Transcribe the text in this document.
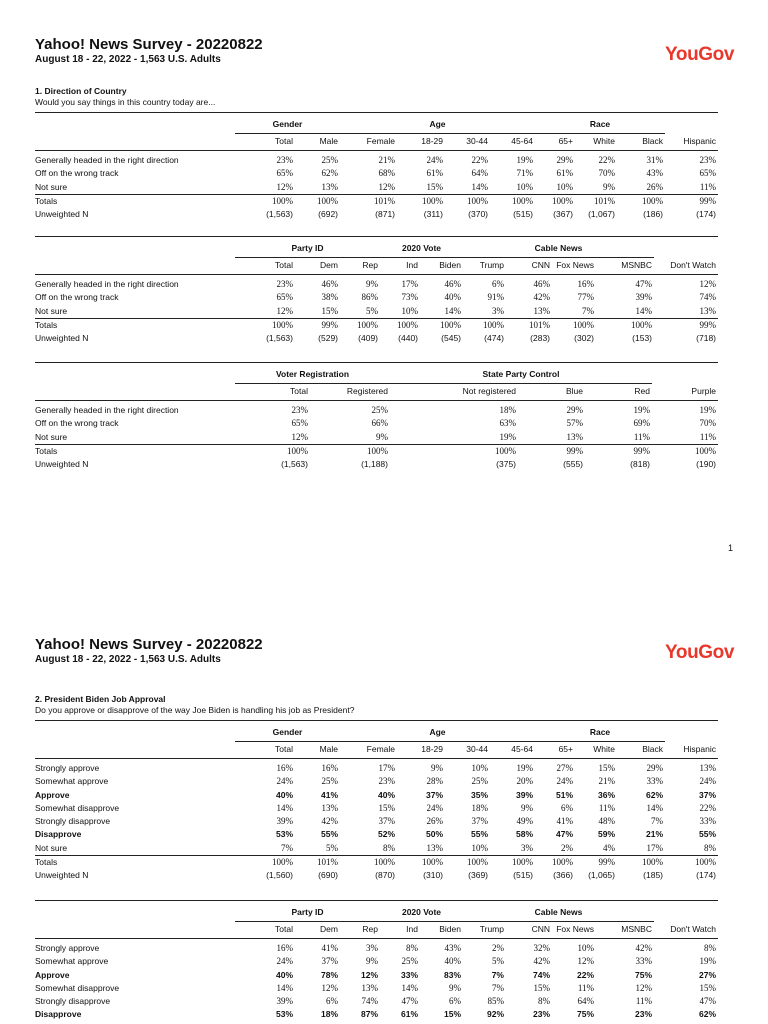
Yahoo! News Survey - 20220822
August 18 - 22, 2022 - 1,563 U.S. Adults	YouGov
1. Direction of Country
Would you say things in this country today are...

	Gender		Age				Race			
	Total	Male	Female	18-29	30-44	45-64	65+	White	Black	Hispanic

Generally headed in the right direction	23%	25%	21%	24%	22%	19%	29%	22%	31%	23%
Off on the wrong track	65%	62%	68%	61%	64%	71%	61%	70%	43%	65%
Not sure	12%	13%	12%	15%	14%	10%	10%	9%	26%	11%
Totals	100%	100%	101%	100%	100%	100%	100%	101%	100%	99%
Unweighted N	(1,563)	(692)	(871)	(311)	(370)	(515)	(367)	(1,067)	(186)	(174)

	Party ID			2020 Vote		Cable News				
	Total	Dem	Rep	Ind	Biden	Trump	CNN	Fox News	MSNBC	Don't Watch

Generally headed in the right direction	23%	46%	9%	17%	46%	6%	46%	16%	47%	12%
Off on the wrong track	65%	38%	86%	73%	40%	91%	42%	77%	39%	74%
Not sure	12%	15%	5%	10%	14%	3%	13%	7%	14%	13%
Totals	100%	99%	100%	100%	100%	100%	101%	100%	100%	99%
Unweighted N	(1,563)	(529)	(409)	(440)	(545)	(474)	(283)	(302)	(153)	(718)

	Voter Registration		State Party Control			
	Total	Registered	Not registered	Blue	Red	Purple

Generally headed in the right direction	23%	25%	18%	29%	19%	19%
Off on the wrong track	65%	66%	63%	57%	69%	70%
Not sure	12%	9%	19%	13%	11%	11%
Totals	100%	100%	100%	99%	99%	100%
Unweighted N	(1,563)	(1,188)	(375)	(555)	(818)	(190)
1
Yahoo! News Survey - 20220822
August 18 - 22, 2022 - 1,563 U.S. Adults	YouGov
2. President Biden Job Approval
Do you approve or disapprove of the way Joe Biden is handling his job as President?

	Gender		Age				Race			
	Total	Male	Female	18-29	30-44	45-64	65+	White	Black	Hispanic

Strongly approve	16%	16%	17%	9%	10%	19%	27%	15%	29%	13%
Somewhat approve	24%	25%	23%	28%	25%	20%	24%	21%	33%	24%
Approve	40%	41%	40%	37%	35%	39%	51%	36%	62%	37%
Somewhat disapprove	14%	13%	15%	24%	18%	9%	6%	11%	14%	22%
Strongly disapprove	39%	42%	37%	26%	37%	49%	41%	48%	7%	33%
Disapprove	53%	55%	52%	50%	55%	58%	47%	59%	21%	55%
Not sure	7%	5%	8%	13%	10%	3%	2%	4%	17%	8%
Totals	100%	101%	100%	100%	100%	100%	100%	99%	100%	100%
Unweighted N	(1,560)	(690)	(870)	(310)	(369)	(515)	(366)	(1,065)	(185)	(174)

	Party ID			2020 Vote		Cable News				
	Total	Dem	Rep	Ind	Biden	Trump	CNN	Fox News	MSNBC	Don't Watch

Strongly approve	16%	41%	3%	8%	43%	2%	32%	10%	42%	8%
Somewhat approve	24%	37%	9%	25%	40%	5%	42%	12%	33%	19%
Approve	40%	78%	12%	33%	83%	7%	74%	22%	75%	27%
Somewhat disapprove	14%	12%	13%	14%	9%	7%	15%	11%	12%	15%
Strongly disapprove	39%	6%	74%	47%	6%	85%	8%	64%	11%	47%
Disapprove	53%	18%	87%	61%	15%	92%	23%	75%	23%	62%
